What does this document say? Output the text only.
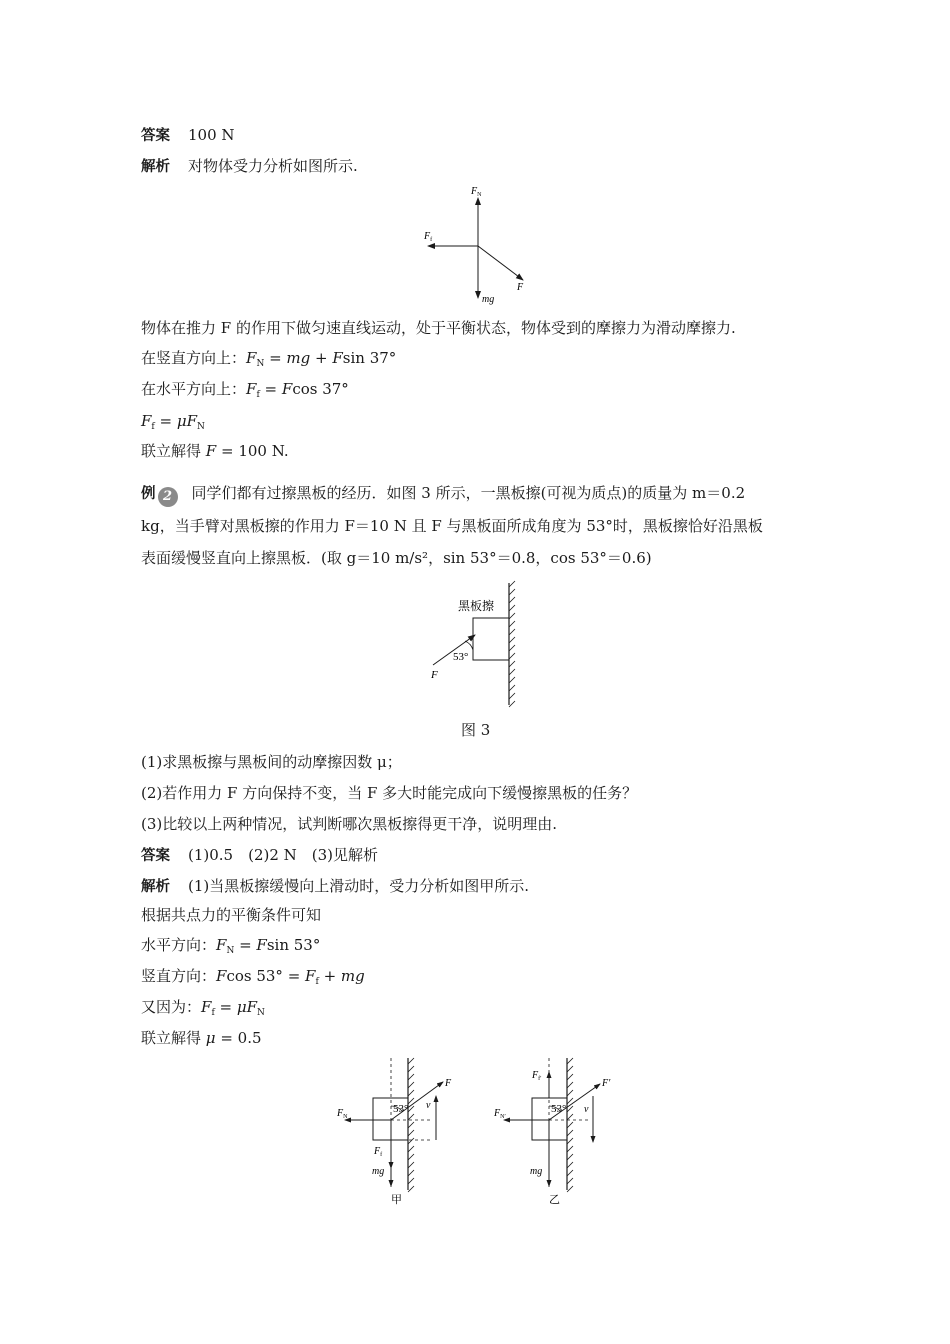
答案 100 N
解析 对物体受力分析如图所示.
$F_N$
$F_f$
F
mg
物体在推力 F 的作用下做匀速直线运动，处于平衡状态，物体受到的摩擦力为滑动摩擦力.
在竖直方向上：$F_N$ = mg + Fsin 37°
在水平方向上：$F_f = Fcos$ 37°
$F_f = \mu F_N$
联立解得 F = 100 N.
例 2 同学们都有过擦黑板的经历．如图 3 所示，一黑板擦(可视为质点)的质量为 m＝0.2
kg，当手臂对黑板擦的作用力 F＝10 N 且 F 与黑板面所成角度为 53°时，黑板擦恰好沿黑板
表面缓慢竖直向上擦黑板．(取 g＝10 m/s²，sin 53°＝0.8，cos 53°＝0.6)
黑板擦
53°
F
图 3
(1)求黑板擦与黑板间的动摩擦因数 μ；
(2)若作用力 F 方向保持不变，当 F 多大时能完成向下缓慢擦黑板的任务？
(3)比较以上两种情况，试判断哪次黑板擦得更干净，说明理由.
答案 (1)0.5　(2)2 N　(3)见解析
解析 (1)当黑板擦缓慢向上滑动时，受力分析如图甲所示.
根据共点力的平衡条件可知
水平方向：$F_N = Fsin$ 53°
竖直方向：Fcos $53^\circ = F_f$ + mg
又因为：$F_f = \mu F_N$
联立解得 μ = 0.5
53°
$F_N$
F
v
$F_f$
mg
甲
53°
$F_{N'}$
$F_{f'}$	F′
v
mg
乙
